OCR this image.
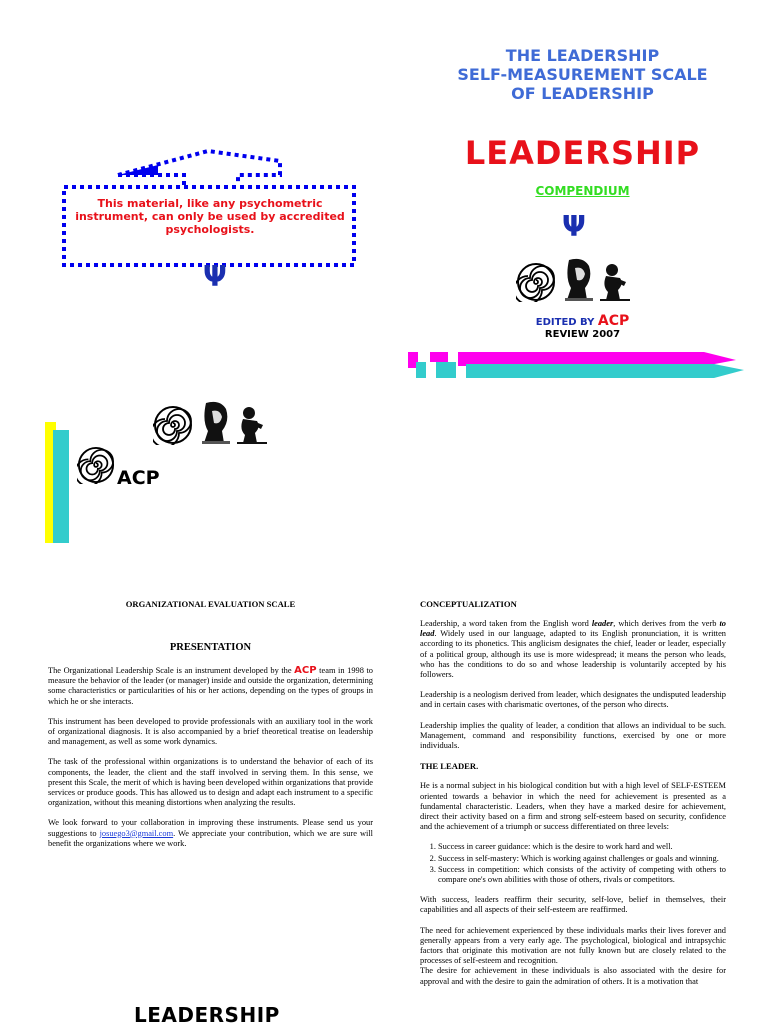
THE LEADERSHIP
SELF-MEASUREMENT SCALE
OF LEADERSHIP
LEADERSHIP
COMPENDIUM
Ψ
EDITED BY ACP
REVIEW 2007
This material, like any psychometric instrument, can only be used by accredited psychologists.
Ψ
ACP
ORGANIZATIONAL EVALUATION SCALE
PRESENTATION

The Organizational Leadership Scale is an instrument developed by the ACP team in 1998 to measure the behavior of the leader (or manager) inside and outside the organization, determining some characteristics or particularities of his or her actions, depending on the types of groups in which he or she interacts.

This instrument has been developed to provide professionals with an auxiliary tool in the work of organizational diagnosis. It is also accompanied by a brief theoretical treatise on leadership and management, as well as some work dynamics.

The task of the professional within organizations is to understand the behavior of each of its components, the leader, the client and the staff involved in serving them. In this sense, we present this Scale, the merit of which is having been developed within organizations that provide services or produce goods. This has allowed us to design and adapt each instrument to a specific organization, without this meaning distortions when analyzing the results.

We look forward to your collaboration in improving these instruments. Please send us your suggestions to josuego3@gmail.com. We appreciate your contribution, which we are sure will benefit the organizations where we work.

LEADERSHIP
CONCEPTUALIZATION

Leadership, a word taken from the English word leader, which derives from the verb to lead. Widely used in our language, adapted to its English pronunciation, it is written according to its phonetics. This anglicism designates the chief, leader or leader, especially of a political group, although its use is more widespread; it means the person who leads, who has the conditions to do so and whose leadership is voluntarily accepted by his followers.

Leadership is a neologism derived from leader, which designates the undisputed leadership and in certain cases with charismatic overtones, of the person who directs.

Leadership implies the quality of leader, a condition that allows an individual to be such. Management, command and responsibility functions, exercised by one or more individuals.

THE LEADER.

He is a normal subject in his biological condition but with a high level of SELF-ESTEEM oriented towards a behavior in which the need for achievement is presented as a fundamental characteristic. Leaders, when they have a marked desire for achievement, direct their activity based on a firm and strong self-esteem based on security, confidence and the achievement of a triumph or success differentiated on three levels:

1. Success in career guidance: which is the desire to work hard and well.
2. Success in self-mastery: Which is working against challenges or goals and winning.
3. Success in competition: which consists of the activity of competing with others to compare one's own abilities with those of others, rivals or competitors.

With success, leaders reaffirm their security, self-love, belief in themselves, their capabilities and all aspects of their self-esteem are reaffirmed.

The need for achievement experienced by these individuals marks their lives forever and generally appears from a very early age. The psychological, biological and intrapsychic factors that originate this motivation are not fully known but are closely related to the processes of self-esteem and recognition.

The desire for achievement in these individuals is also associated with the desire for approval and with the desire to gain the admiration of others. It is a motivation that
